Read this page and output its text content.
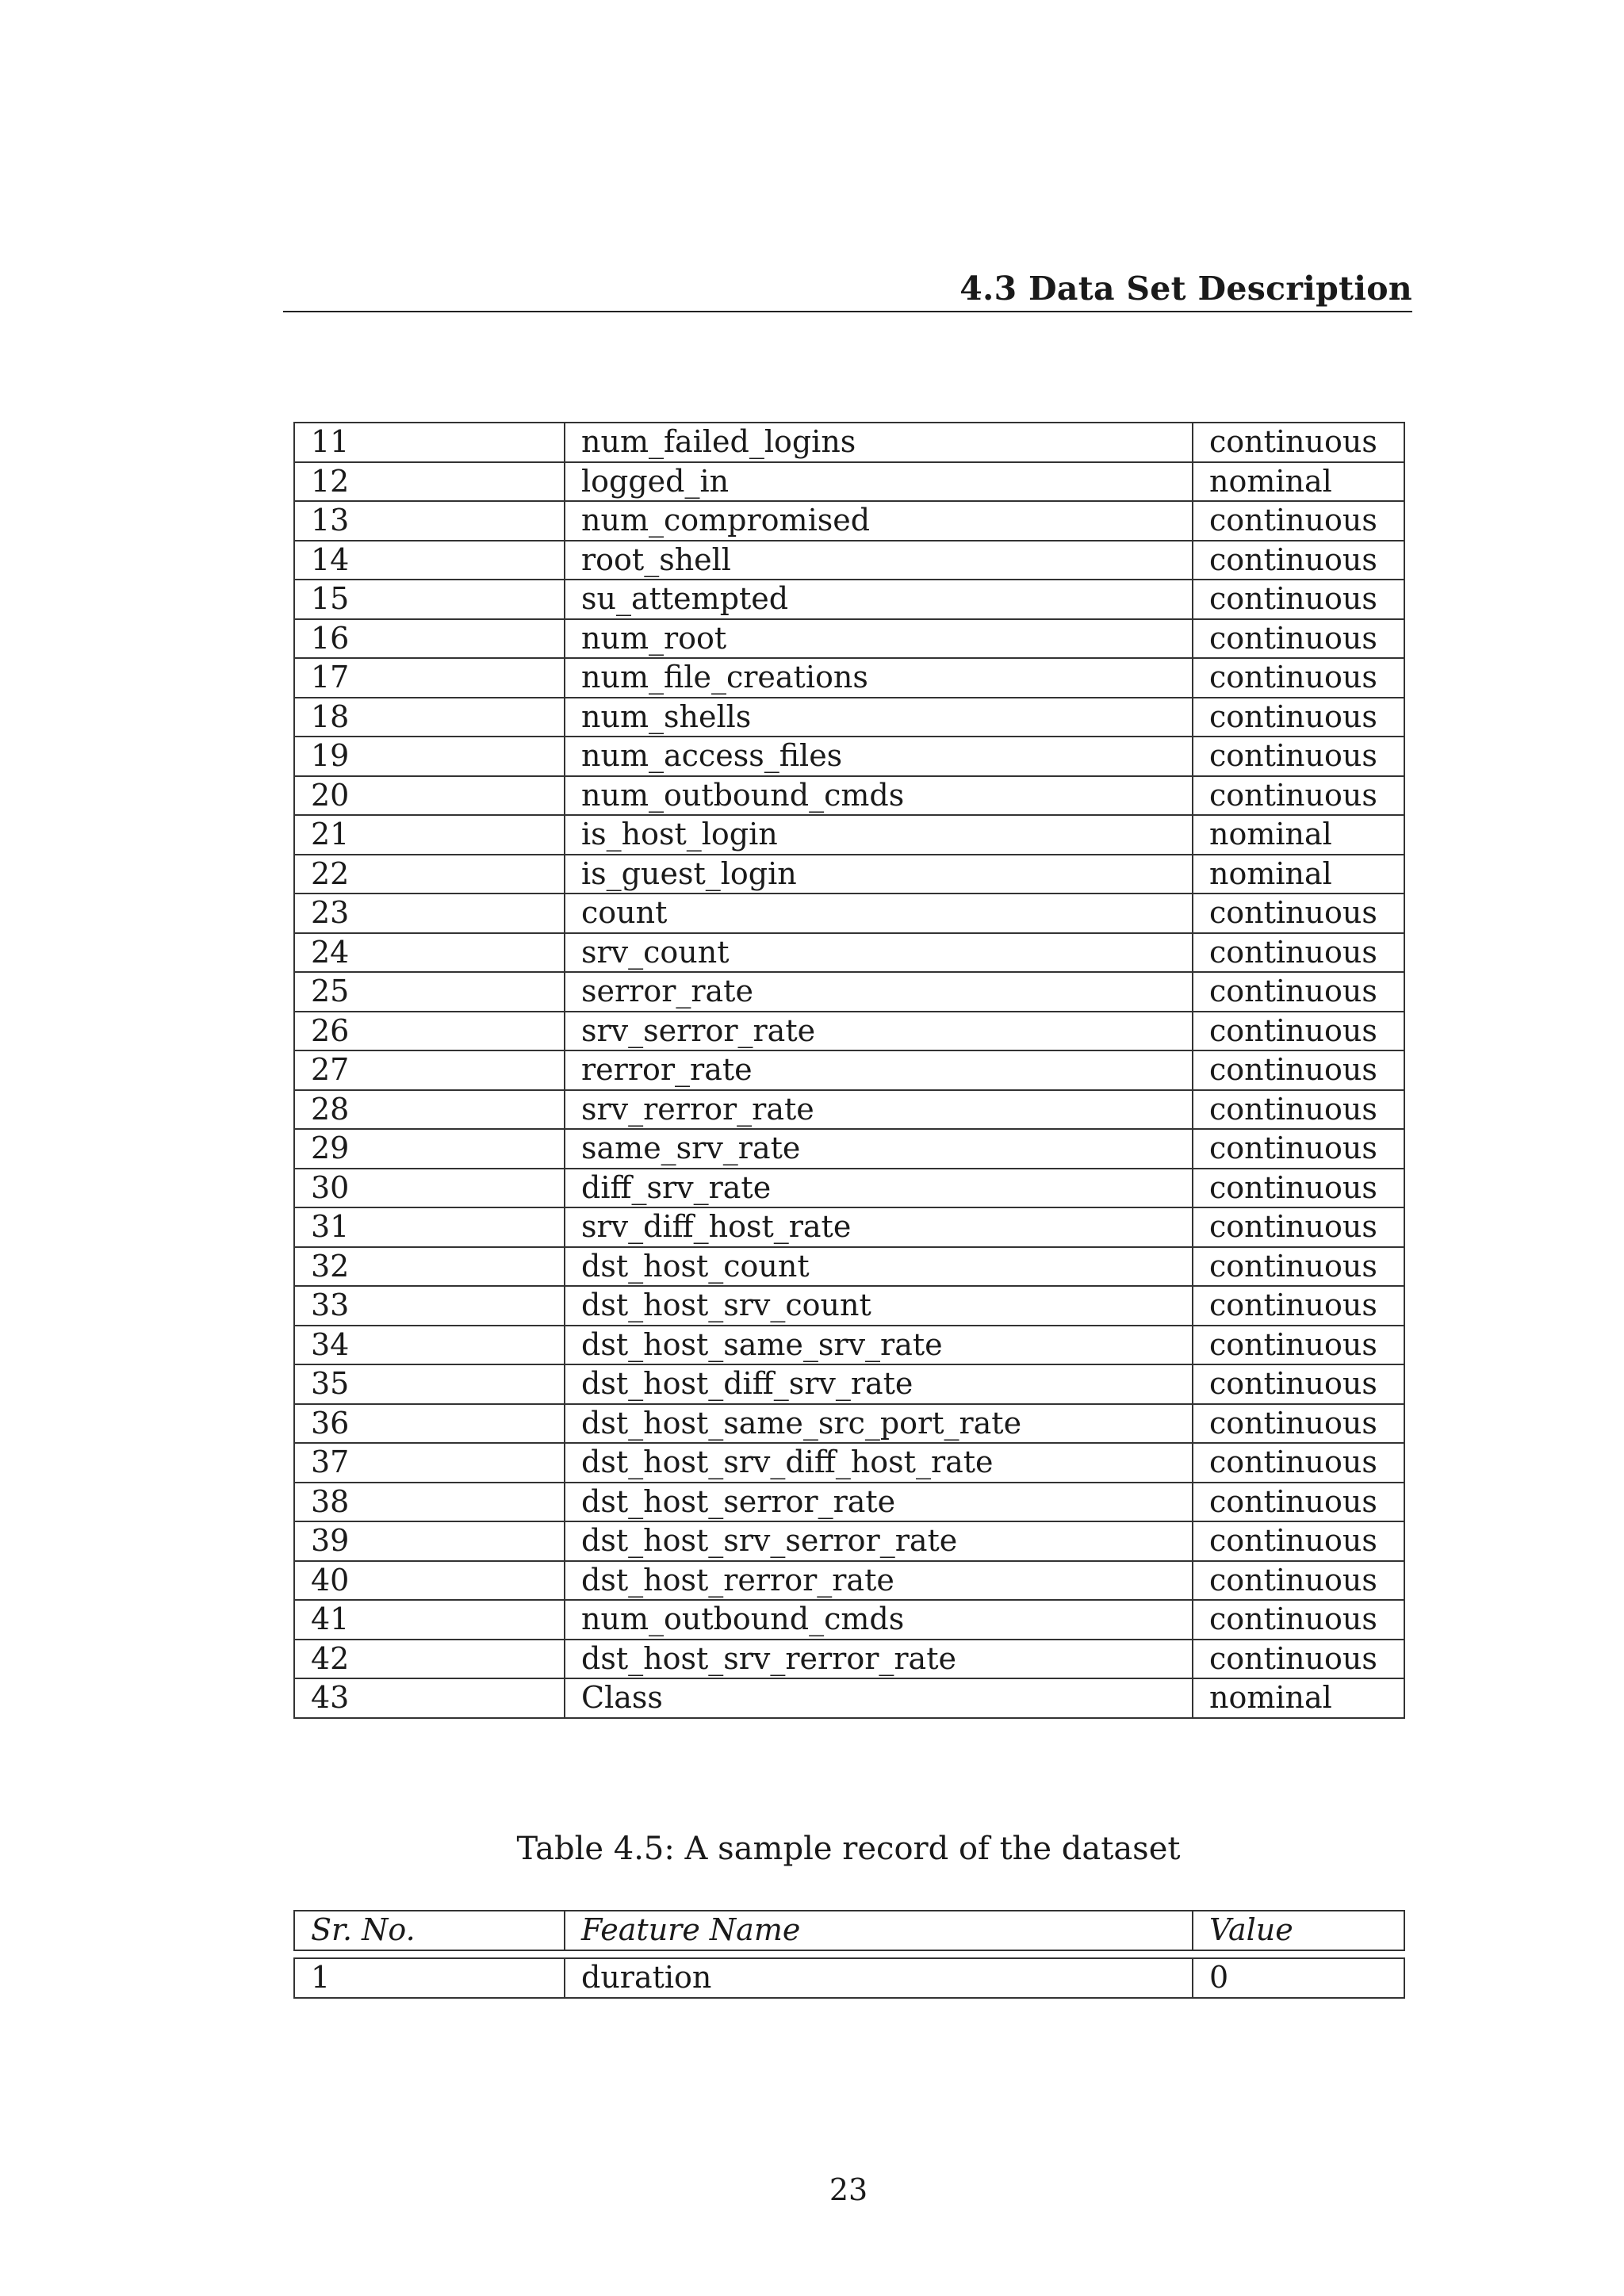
4.3 Data Set Description
11	num_failed_logins	continuous
12	logged_in	nominal
13	num_compromised	continuous
14	root_shell	continuous
15	su_attempted	continuous
16	num_root	continuous
17	num_file_creations	continuous
18	num_shells	continuous
19	num_access_files	continuous
20	num_outbound_cmds	continuous
21	is_host_login	nominal
22	is_guest_login	nominal
23	count	continuous
24	srv_count	continuous
25	serror_rate	continuous
26	srv_serror_rate	continuous
27	rerror_rate	continuous
28	srv_rerror_rate	continuous
29	same_srv_rate	continuous
30	diff_srv_rate	continuous
31	srv_diff_host_rate	continuous
32	dst_host_count	continuous
33	dst_host_srv_count	continuous
34	dst_host_same_srv_rate	continuous
35	dst_host_diff_srv_rate	continuous
36	dst_host_same_src_port_rate	continuous
37	dst_host_srv_diff_host_rate	continuous
38	dst_host_serror_rate	continuous
39	dst_host_srv_serror_rate	continuous
40	dst_host_rerror_rate	continuous
41	num_outbound_cmds	continuous
42	dst_host_srv_rerror_rate	continuous
43	Class	nominal
Table 4.5: A sample record of the dataset
Sr. No.	Feature Name	Value
1	duration	0
23
